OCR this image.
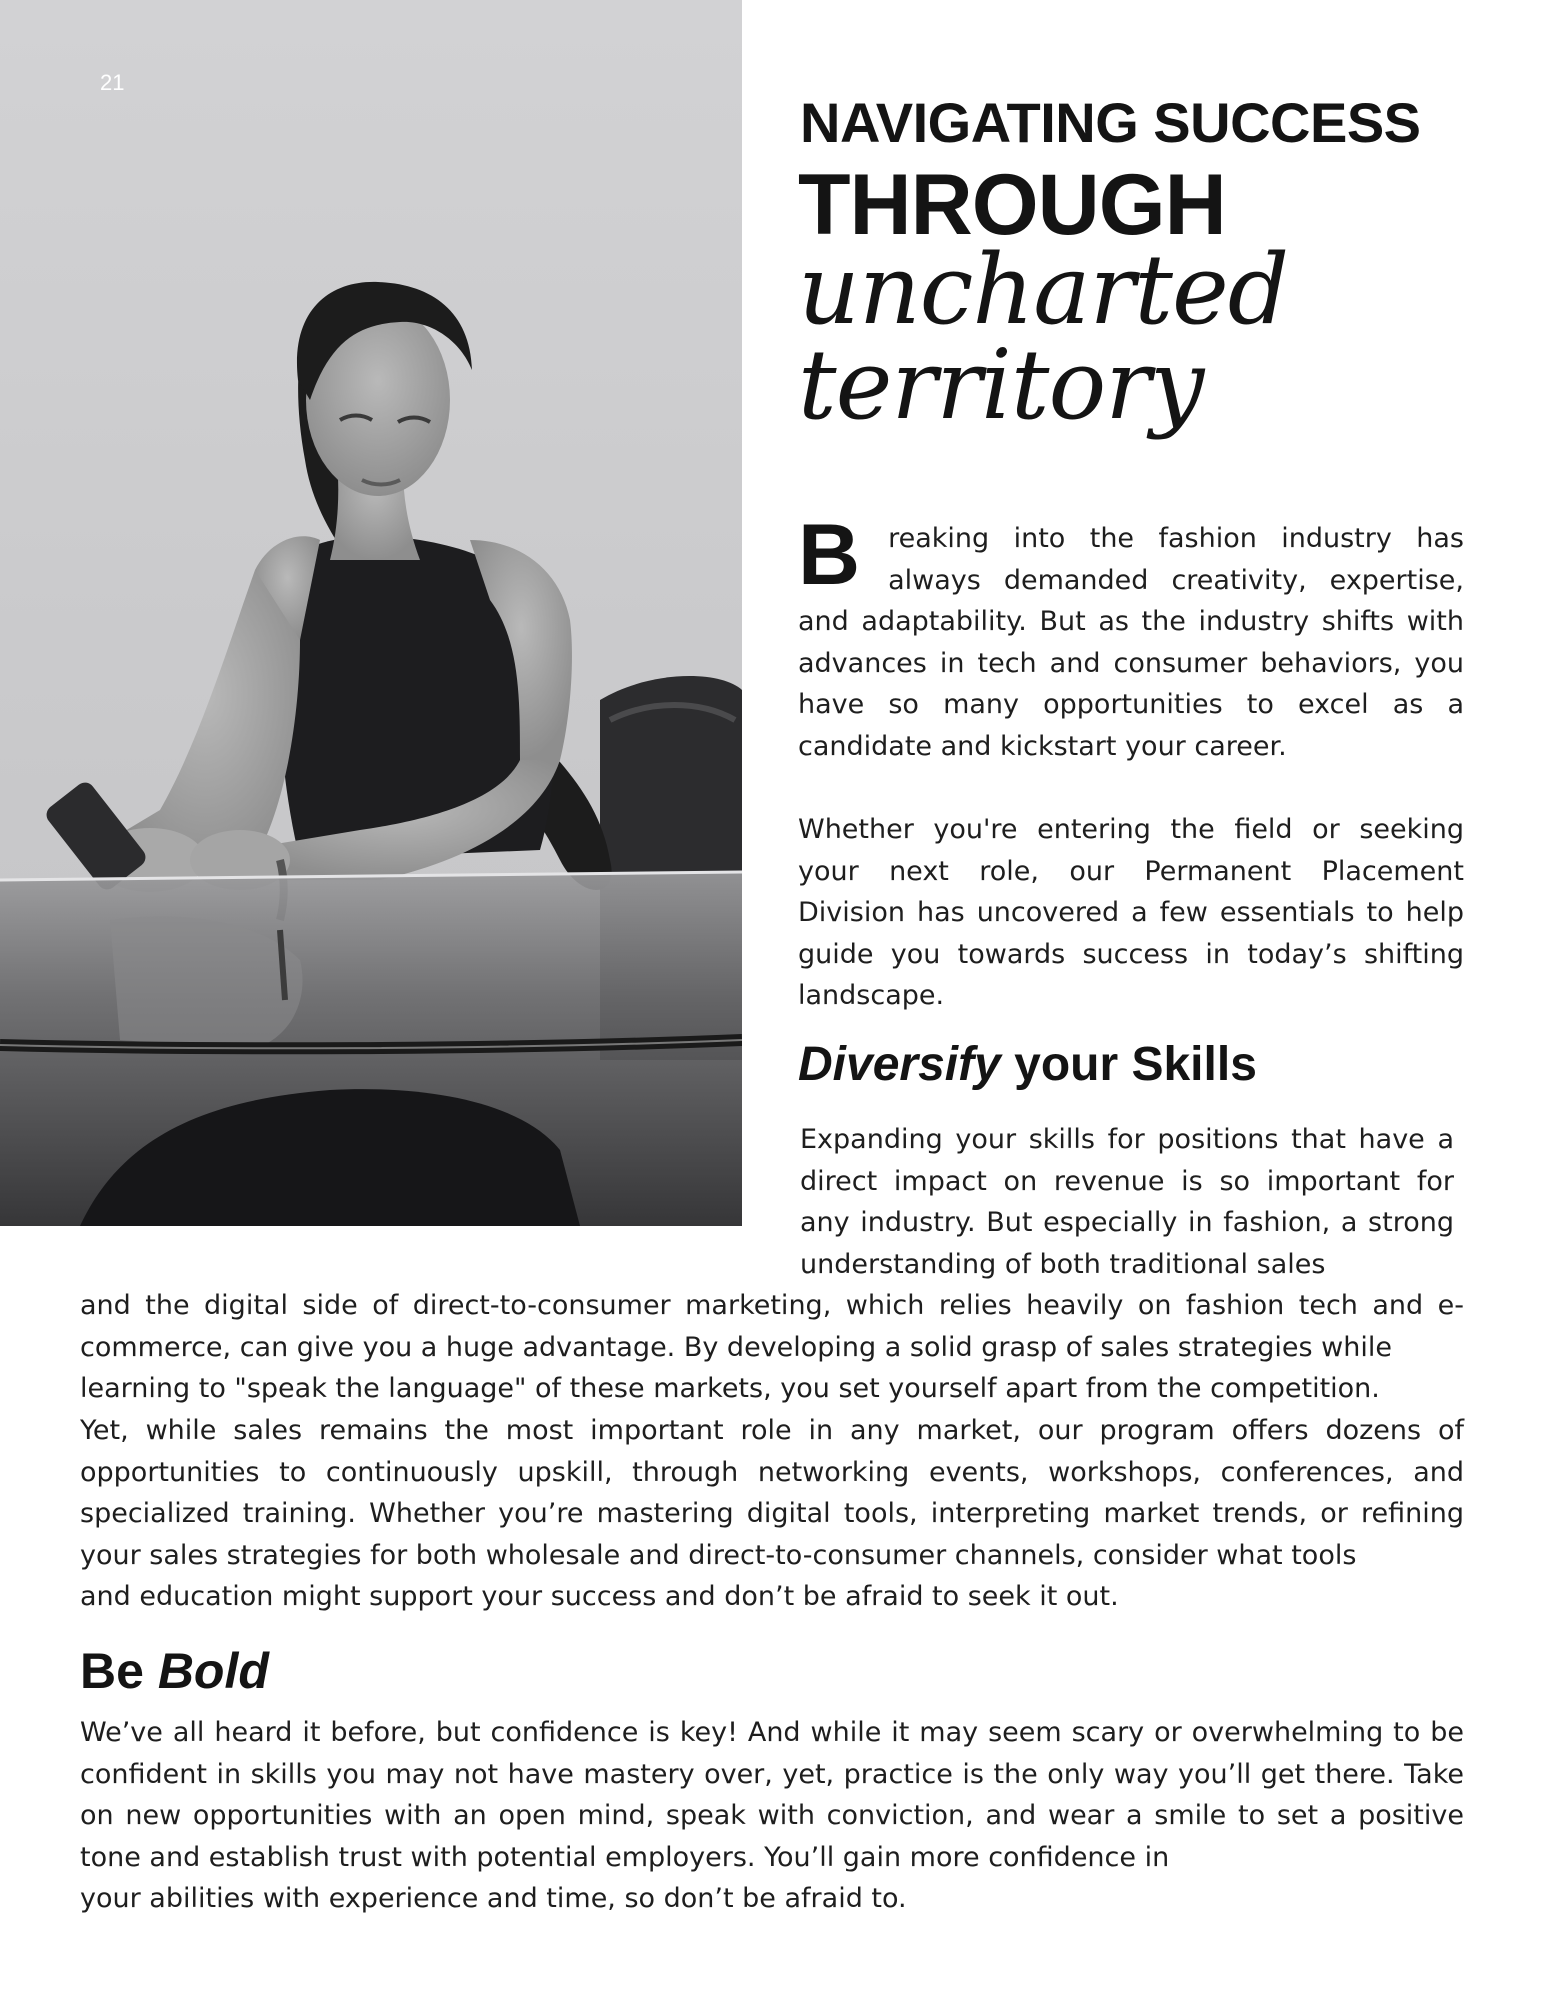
21
NAVIGATING SUCCESS
THROUGH
uncharted
territory
B	reaking into the fashion industry has always demanded creativity, expertise, and adaptability. But as the industry shifts with advances in tech and consumer behaviors, you have so many opportunities to excel as a candidate and kickstart your career.

Whether you're entering the field or seeking your next role, our Permanent Placement Division has uncovered a few essentials to help guide you towards success in today’s shifting landscape.

Diversify your Skills

Expanding your skills for positions that have a direct impact on revenue is so important for any industry. But especially in fashion, a strong understanding of both traditional sales

and the digital side of direct-to-consumer marketing, which relies heavily on fashion tech and e-commerce, can give you a huge advantage. By developing a solid grasp of sales strategies while

learning to "speak the language" of these markets, you set yourself apart from the competition.

Yet, while sales remains the most important role in any market, our program offers dozens of opportunities to continuously upskill, through networking events, workshops, conferences, and specialized training. Whether you’re mastering digital tools, interpreting market trends, or refining your sales strategies for both wholesale and direct-to-consumer channels, consider what tools

and education might support your success and don’t be afraid to seek it out.

Be Bold

We’ve all heard it before, but confidence is key! And while it may seem scary or overwhelming to be confident in skills you may not have mastery over, yet, practice is the only way you’ll get there. Take on new opportunities with an open mind, speak with conviction, and wear a smile to set a positive tone and establish trust with potential employers. You’ll gain more confidence in

your abilities with experience and time, so don’t be afraid to.
